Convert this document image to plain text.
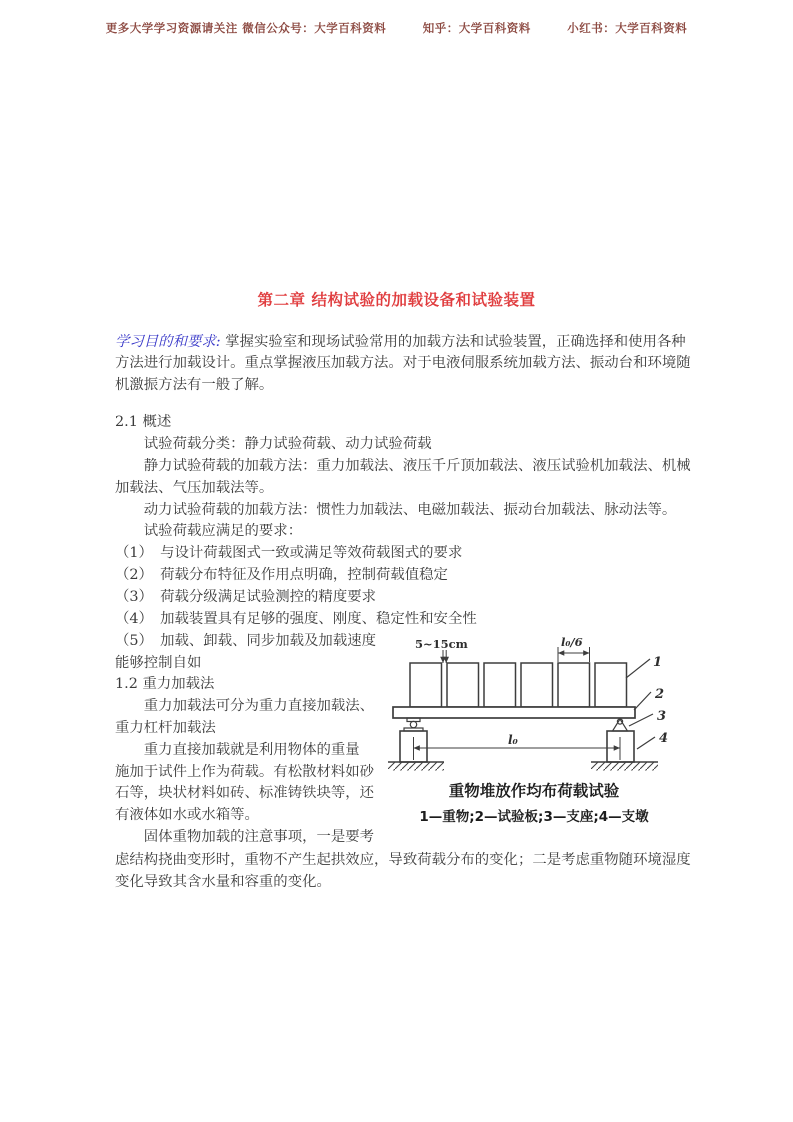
更多大学学习资源请关注 微信公众号：大学百科资料	知乎：大学百科资料	小红书：大学百科资料
第二章 结构试验的加载设备和试验装置
学习目的和要求: 掌握实验室和现场试验常用的加载方法和试验装置，正确选择和使用各种
方法进行加载设计。重点掌握液压加载方法。对于电液伺服系统加载方法、振动台和环境随
机激振方法有一般了解。
2.1 概述
　　试验荷载分类：静力试验荷载、动力试验荷载
　　静力试验荷载的加载方法：重力加载法、液压千斤顶加载法、液压试验机加载法、机械
加载法、气压加载法等。
　　动力试验荷载的加载方法：惯性力加载法、电磁加载法、振动台加载法、脉动法等。
　　试验荷载应满足的要求：
（1）　与设计荷载图式一致或满足等效荷载图式的要求
（2）　荷载分布特征及作用点明确，控制荷载值稳定
（3）　荷载分级满足试验测控的精度要求
（4）　加载装置具有足够的强度、刚度、稳定性和安全性
（5）　加载、卸载、同步加载及加载速度
能够控制自如
1.2 重力加载法
　　重力加载法可分为重力直接加载法、
重力杠杆加载法
　　重力直接加载就是利用物体的重量
施加于试件上作为荷载。有松散材料如砂
石等，块状材料如砖、标准铸铁块等，还
有液体如水或水箱等。
　　固体重物加载的注意事项，一是要考
虑结构挠曲变形时，重物不产生起拱效应，导致荷载分布的变化；二是考虑重物随环境湿度
变化导致其含水量和容重的变化。
l₀
5~15cm	l₀/6
1
2
3
4
重物堆放作均布荷载试验
1—重物;2—试验板;3—支座;4—支墩
